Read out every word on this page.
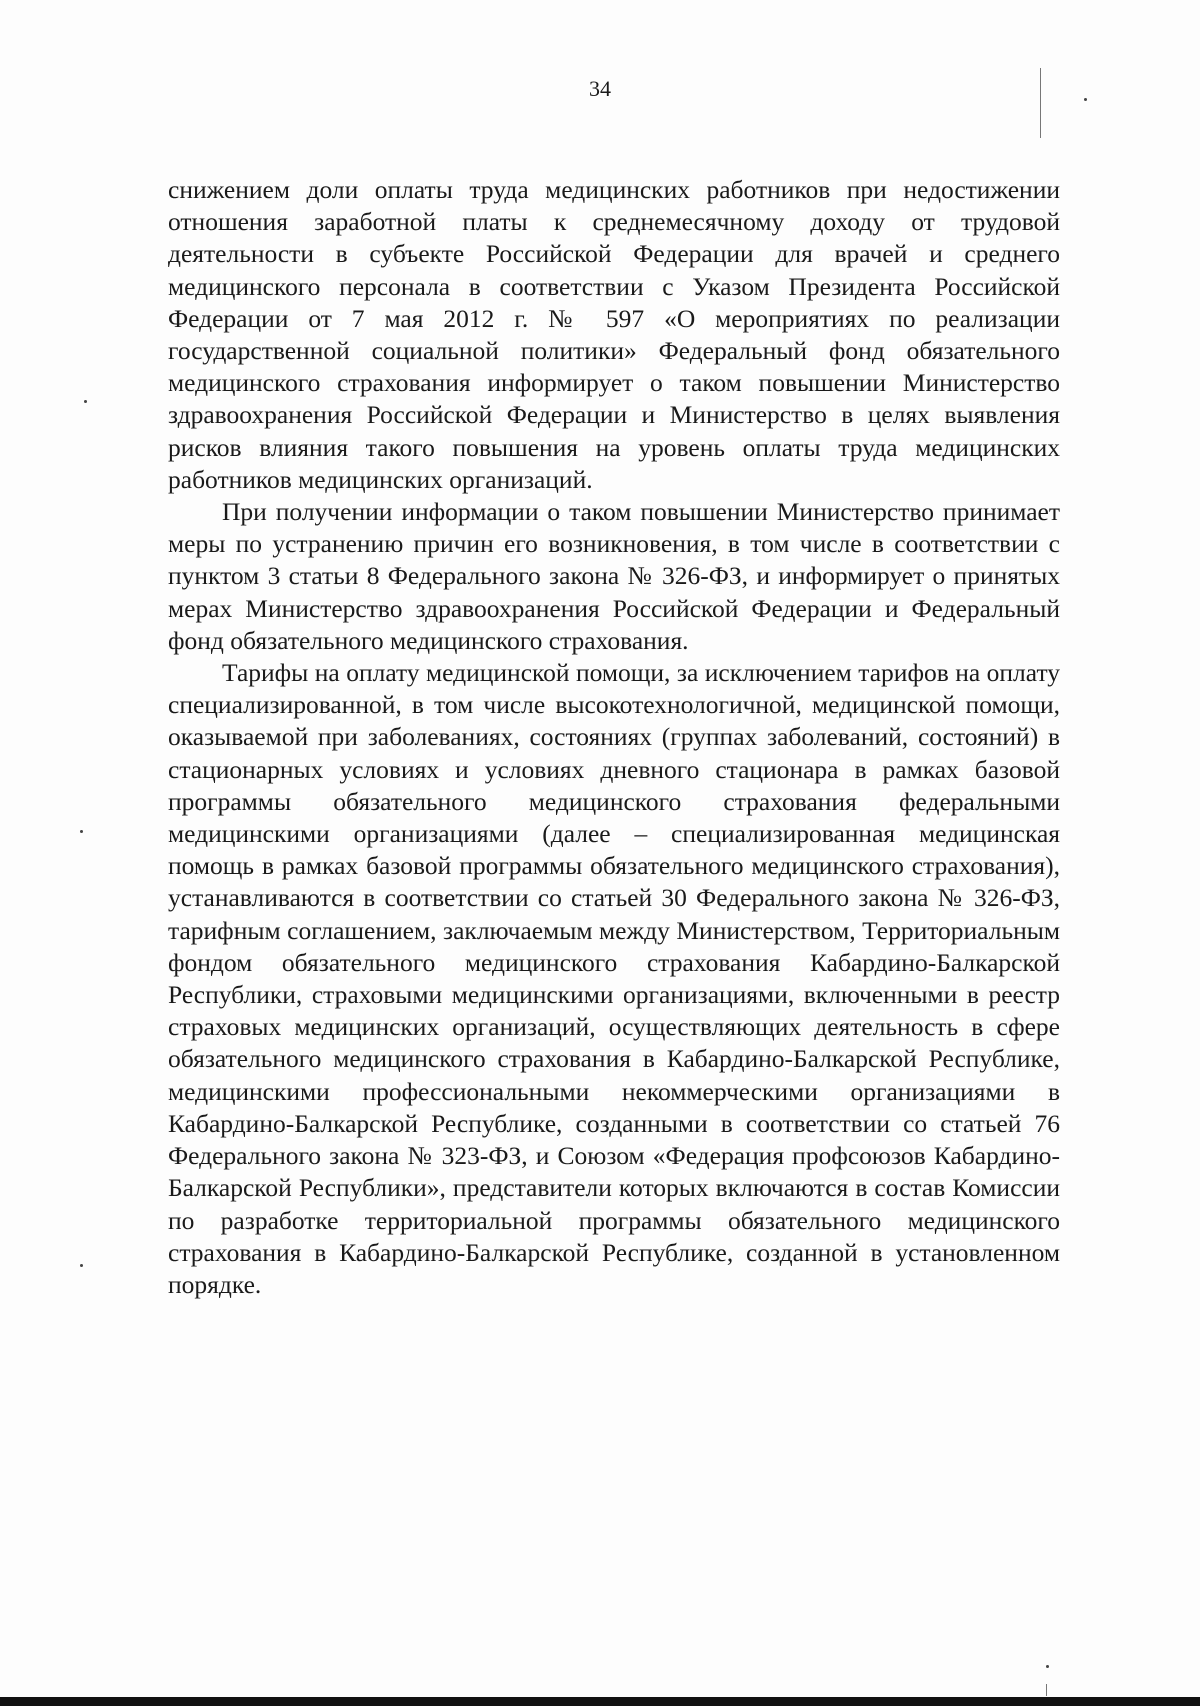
34

снижением доли оплаты труда медицинских работников при недостижении отношения заработной платы к среднемесячному доходу от трудовой деятельности в субъекте Российской Федерации для врачей и среднего медицинского персонала в соответствии с Указом Президента Российской Федерации от 7 мая 2012 г. № 597 «О мероприятиях по реализации государственной социальной политики» Федеральный фонд обязательного медицинского страхования информирует о таком повышении Министерство здравоохранения Российской Федерации и Министерство в целях выявления рисков влияния такого повышения на уровень оплаты труда медицинских работников медицинских организаций.

При получении информации о таком повышении Министерство принимает меры по устранению причин его возникновения, в том числе в соответствии с пунктом 3 статьи 8 Федерального закона № 326-ФЗ, и информирует о принятых мерах Министерство здравоохранения Российской Федерации и Федеральный фонд обязательного медицинского страхования.

Тарифы на оплату медицинской помощи, за исключением тарифов на оплату специализированной, в том числе высокотехнологичной, медицинской помощи, оказываемой при заболеваниях, состояниях (группах заболеваний, состояний) в стационарных условиях и условиях дневного стационара в рамках базовой программы обязательного медицинского страхования федеральными медицинскими организациями (далее – специализированная медицинская помощь в рамках базовой программы обязательного медицинского страхования), устанавливаются в соответствии со статьей 30 Федерального закона № 326-ФЗ, тарифным соглашением, заключаемым между Министерством, Территориальным фондом обязательного медицинского страхования Кабардино-Балкарской Республики, страховыми медицинскими организациями, включенными в реестр страховых медицинских организаций, осуществляющих деятельность в сфере обязательного медицинского страхования в Кабардино-Балкарской Республике, медицинскими профессиональными некоммерческими организациями в Кабардино-Балкарской Республике, созданными в соответствии со статьей 76 Федерального закона № 323-ФЗ, и Союзом «Федерация профсоюзов Кабардино-Балкарской Республики», представители которых включаются в состав Комиссии по разработке территориальной программы обязательного медицинского страхования в Кабардино-Балкарской Республике, созданной в установленном порядке.
